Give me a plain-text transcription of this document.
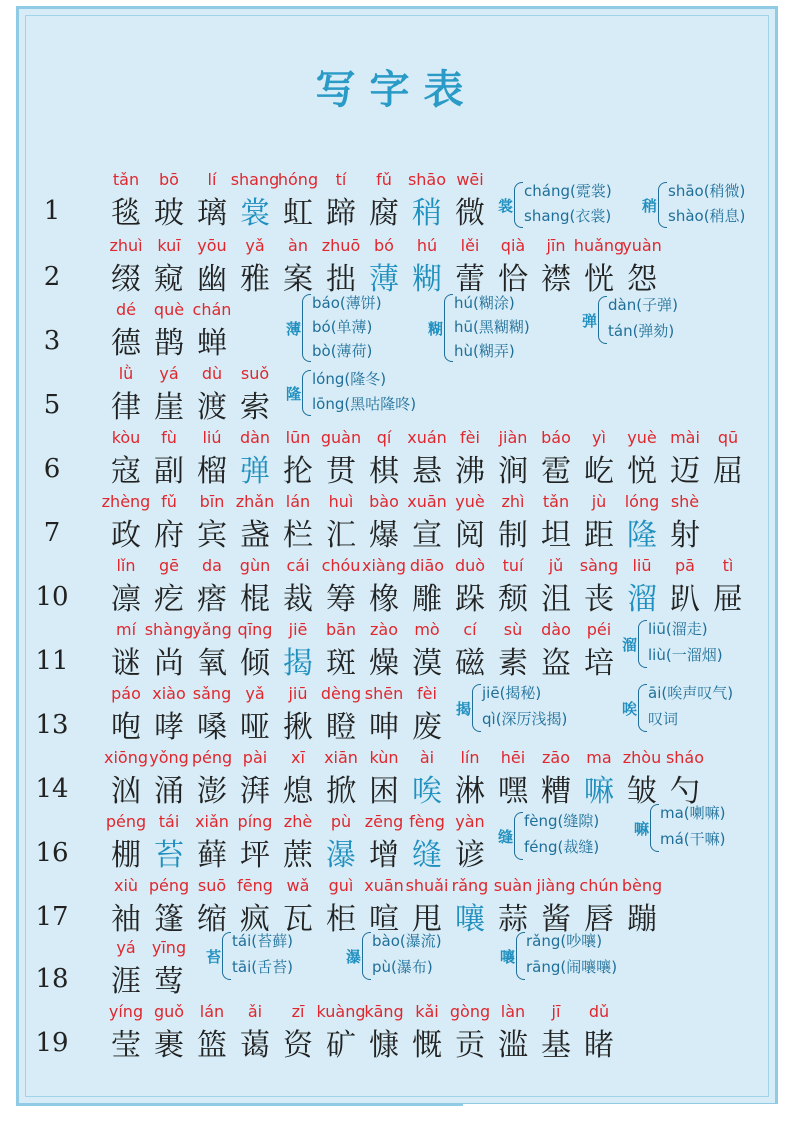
写字表
1
tǎn
毯
bō
玻
lí
璃
shang
裳
hóng
虹
tí
蹄
fǔ
腐
shāo
稍
wēi
微 裳
cháng(霓裳)
shang(衣裳)
稍
shāo(稍微)
shào(稍息)
2
zhuì
缀
kuī
窥
yōu
幽
yǎ
雅
àn
案
zhuō
拙
bó
薄
hú
糊
lěi
蕾
qià
恰
jīn
襟
huǎng
恍
yuàn
怨
3
dé
德
què
鹊
chán
蝉	薄
báo(薄饼)
bó(单薄)
bò(薄荷)
糊
hú(糊涂)
hū(黑糊糊)
hù(糊弄)
弹
dàn(子弹)
tán(弹劾)
5
lǜ
律
yá
崖
dù
渡
suǒ
索	隆
lóng(隆冬)
lōng(黑咕隆咚)
6
kòu
寇
fù
副
liú
榴
dàn
弹
lūn
抡
guàn
贯
qí
棋
xuán
悬
fèi
沸
jiàn
涧
báo
雹
yì
屹
yuè
悦
mài
迈
qū
屈
7
zhèng
政
fǔ
府
bīn
宾
zhǎn
盏
lán
栏
huì
汇
bào
爆
xuān
宣
yuè
阅
zhì
制
tǎn
坦
jù
距
lóng
隆
shè
射
10
lǐn
凛
gē
疙
da
瘩
gùn
棍
cái
裁
chóu
筹
xiàng
橡
diāo
雕
duò
跺
tuí
颓
jǔ
沮
sàng
丧
liū
溜
pā
趴
tì
屉
11
mí
谜
shàng
尚
yǎng
氧
qīng
倾
jiē
揭
bān
斑
zào
燥
mò
漠
cí
磁
sù
素
dào
盗
péi
培
溜
liū(溜走)
liù(一溜烟)
13
páo
咆
xiào
哮
sǎng
嗓
yǎ
哑
jiū
揪
dèng
瞪
shēn
呻
fèi
废
揭
jiē(揭秘)
qì(深厉浅揭)
唉
āi(唉声叹气)
叹词
14
xiōng
汹
yǒng
涌
péng
澎
pài
湃
xī
熄
xiān
掀
kùn
困
ài
唉
lín
淋
hēi
嘿
zāo
糟
ma
嘛
zhòu
皱
sháo
勺
16
péng
棚
tái
苔
xiǎn
藓
píng
坪
zhè
蔗
pù
瀑
zēng
增
fèng
缝
yàn
谚
缝
fèng(缝隙)
féng(裁缝)
嘛
ma(喇嘛)
má(干嘛)
17
xiù
袖
péng
篷
suō
缩
fēng
疯
wǎ
瓦
guì
柜
xuān
喧
shuǎi
甩
rǎng
嚷
suàn
蒜
jiàng
酱
chún
唇
bèng
蹦
18
yá
涯
yīng
莺
苔
tái(苔藓)
tāi(舌苔)
瀑
bào(瀑流)
pù(瀑布)
嚷
rǎng(吵嚷)
rāng(闹嚷嚷)
19
yíng
莹
guǒ
裹
lán
篮
ǎi
蔼
zī
资
kuàng
矿
kāng
慷
kǎi
慨
gòng
贡
làn
滥
jī
基
dǔ
睹
